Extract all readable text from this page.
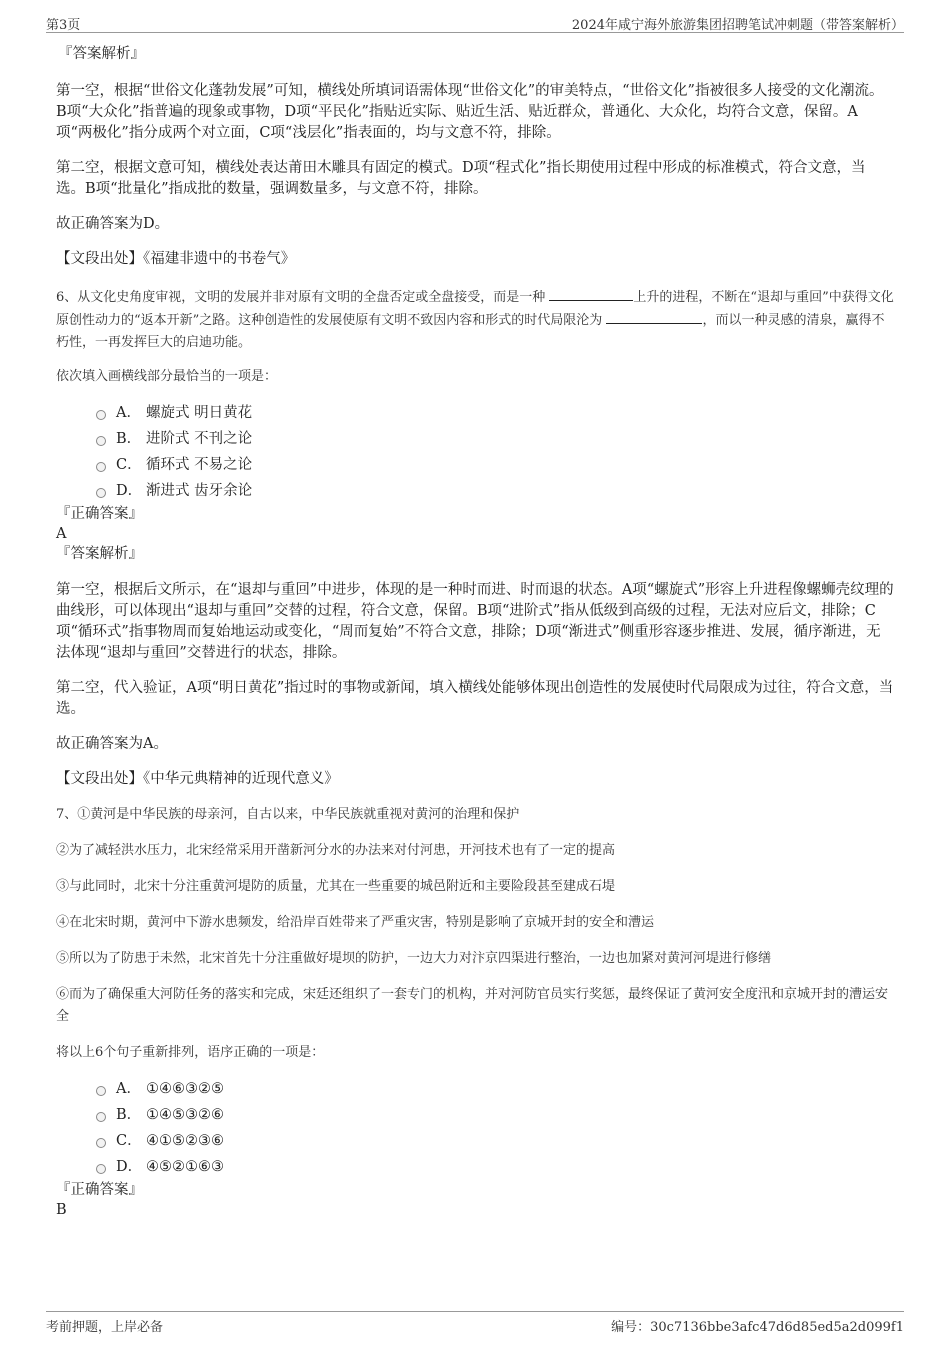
第3页	2024年咸宁海外旅游集团招聘笔试冲刺题（带答案解析）

『答案解析』

第一空，根据“世俗文化蓬勃发展”可知，横线处所填词语需体现“世俗文化”的审美特点，“世俗文化”指被很多人接受的文化潮流。B项“大众化”指普遍的现象或事物，D项“平民化”指贴近实际、贴近生活、贴近群众，普通化、大众化，均符合文意，保留。A项“两极化”指分成两个对立面，C项“浅层化”指表面的，均与文意不符，排除。

第二空，根据文意可知，横线处表达莆田木雕具有固定的模式。D项“程式化”指长期使用过程中形成的标准模式，符合文意，当选。B项“批量化”指成批的数量，强调数量多，与文意不符，排除。

故正确答案为D。

【文段出处】《福建非遗中的书卷气》

6、从文化史角度审视，文明的发展并非对原有文明的全盘否定或全盘接受，而是一种	上升的进程，不断在“退却与重回”中获得文化原创性动力的“返本开新”之路。这种创造性的发展使原有文明不致因内容和形式的时代局限沦为	，而以一种灵感的清泉，赢得不朽性，一再发挥巨大的启迪功能。

依次填入画横线部分最恰当的一项是：

A． 螺旋式 明日黄花
B． 进阶式 不刊之论
C． 循环式 不易之论
D． 渐进式 齿牙余论

『正确答案』

A

『答案解析』

第一空，根据后文所示，在“退却与重回”中进步，体现的是一种时而进、时而退的状态。A项“螺旋式”形容上升进程像螺蛳壳纹理的曲线形，可以体现出“退却与重回”交替的过程，符合文意，保留。B项“进阶式”指从低级到高级的过程，无法对应后文，排除；C项“循环式”指事物周而复始地运动或变化，“周而复始”不符合文意，排除；D项“渐进式”侧重形容逐步推进、发展，循序渐进，无法体现“退却与重回”交替进行的状态，排除。

第二空，代入验证，A项“明日黄花”指过时的事物或新闻，填入横线处能够体现出创造性的发展使时代局限成为过往，符合文意，当选。

故正确答案为A。

【文段出处】《中华元典精神的近现代意义》

7、①黄河是中华民族的母亲河，自古以来，中华民族就重视对黄河的治理和保护

②为了减轻洪水压力，北宋经常采用开凿新河分水的办法来对付河患，开河技术也有了一定的提高

③与此同时，北宋十分注重黄河堤防的质量，尤其在一些重要的城邑附近和主要险段甚至建成石堤

④在北宋时期，黄河中下游水患频发，给沿岸百姓带来了严重灾害，特别是影响了京城开封的安全和漕运

⑤所以为了防患于未然，北宋首先十分注重做好堤坝的防护，一边大力对汴京四渠进行整治，一边也加紧对黄河河堤进行修缮

⑥而为了确保重大河防任务的落实和完成，宋廷还组织了一套专门的机构，并对河防官员实行奖惩，最终保证了黄河安全度汛和京城开封的漕运安全

将以上6个句子重新排列，语序正确的一项是：

A． ①④⑥③②⑤
B． ①④⑤③②⑥
C． ④①⑤②③⑥
D． ④⑤②①⑥③

『正确答案』

B

考前押题，上岸必备	编号：30c7136bbe3afc47d6d85ed5a2d099f1
